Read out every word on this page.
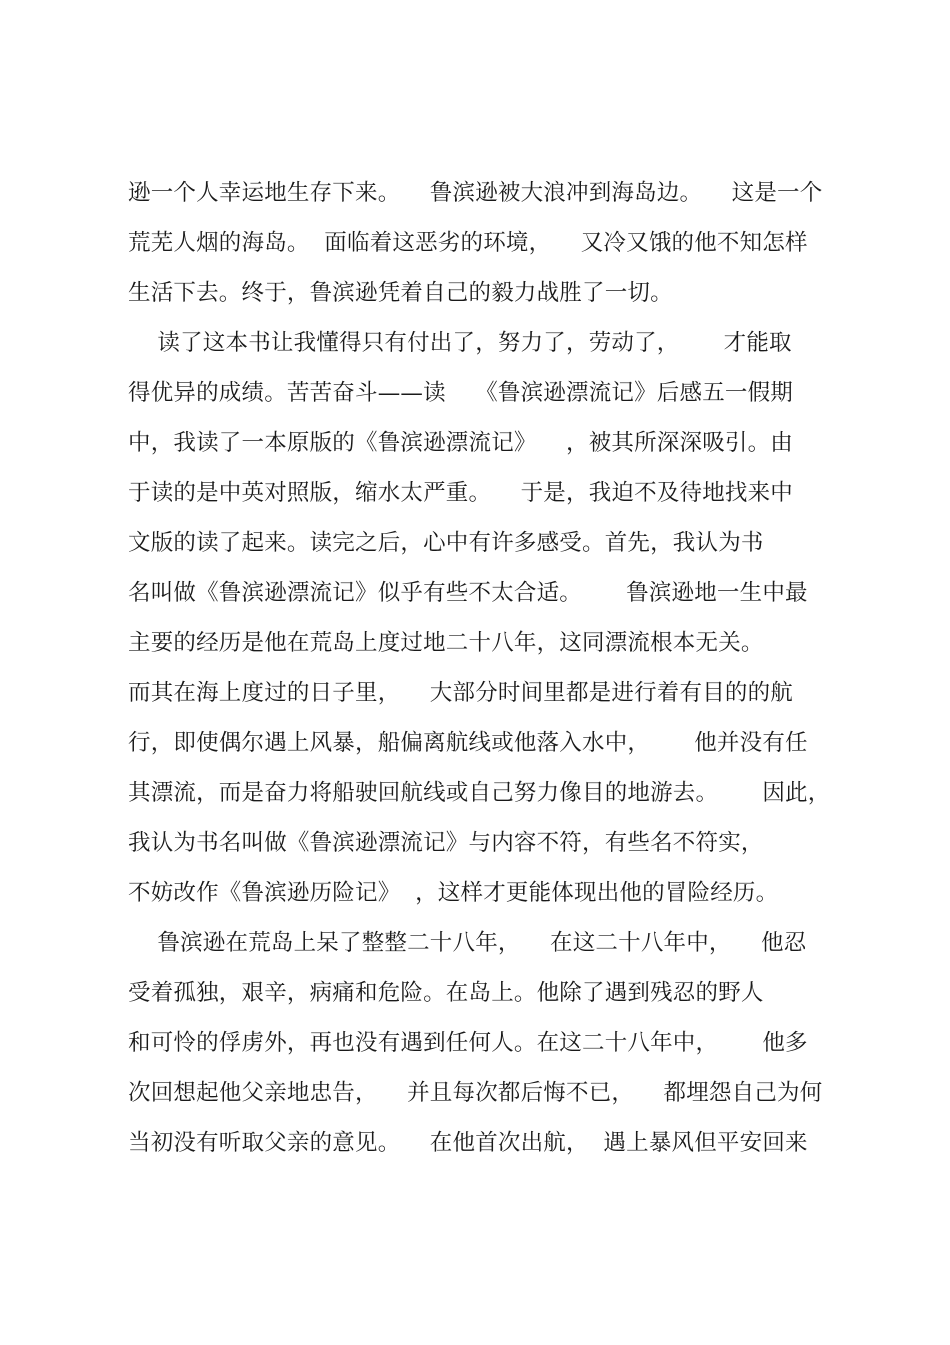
逊一个人幸运地生存下来。    鲁滨逊被大浪冲到海岛边。    这是一个
荒芜人烟的海岛。  面临着这恶劣的环境，    又冷又饿的他不知怎样
生活下去。终于，鲁滨逊凭着自己的毅力战胜了一切。
读了这本书让我懂得只有付出了，努力了，劳动了，      才能取
得优异的成绩。苦苦奋斗——读    《鲁滨逊漂流记》后感五一假期
中，我读了一本原版的《鲁滨逊漂流记》    ，被其所深深吸引。由
于读的是中英对照版，缩水太严重。    于是，我迫不及待地找来中
文版的读了起来。读完之后，心中有许多感受。首先，我认为书
名叫做《鲁滨逊漂流记》似乎有些不太合适。      鲁滨逊地一生中最
主要的经历是他在荒岛上度过地二十八年，这同漂流根本无关。
而其在海上度过的日子里，    大部分时间里都是进行着有目的的航
行，即使偶尔遇上风暴，船偏离航线或他落入水中，      他并没有任
其漂流，而是奋力将船驶回航线或自己努力像目的地游去。      因此，
我认为书名叫做《鲁滨逊漂流记》与内容不符，有些名不符实，
不妨改作《鲁滨逊历险记》  ，这样才更能体现出他的冒险经历。
鲁滨逊在荒岛上呆了整整二十八年，    在这二十八年中，    他忍
受着孤独，艰辛，病痛和危险。在岛上。他除了遇到残忍的野人
和可怜的俘虏外，再也没有遇到任何人。在这二十八年中，      他多
次回想起他父亲地忠告，    并且每次都后悔不已，    都埋怨自己为何
当初没有听取父亲的意见。    在他首次出航，  遇上暴风但平安回来
